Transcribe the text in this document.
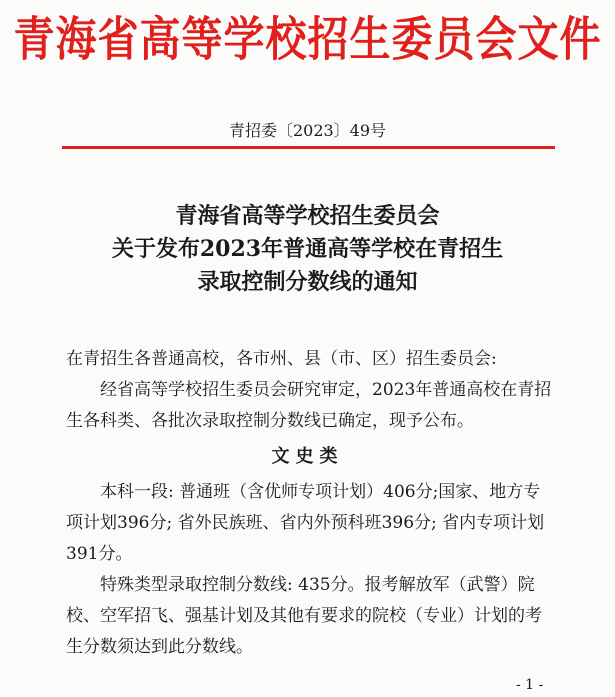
青海省高等学校招生委员会文件
青招委〔2023〕49号
青海省高等学校招生委员会
关于发布2023年普通高等学校在青招生
录取控制分数线的通知
在青招生各普通高校，各市州、县（市、区）招生委员会:
经省高等学校招生委员会研究审定，2023年普通高校在青招生各科类、各批次录取控制分数线已确定，现予公布。
文史类
本科一段: 普通班（含优师专项计划）406分;国家、地方专项计划396分; 省外民族班、省内外预科班396分; 省内专项计划391分。
特殊类型录取控制分数线: 435分。报考解放军（武警）院校、空军招飞、强基计划及其他有要求的院校（专业）计划的考生分数须达到此分数线。
- 1 -
